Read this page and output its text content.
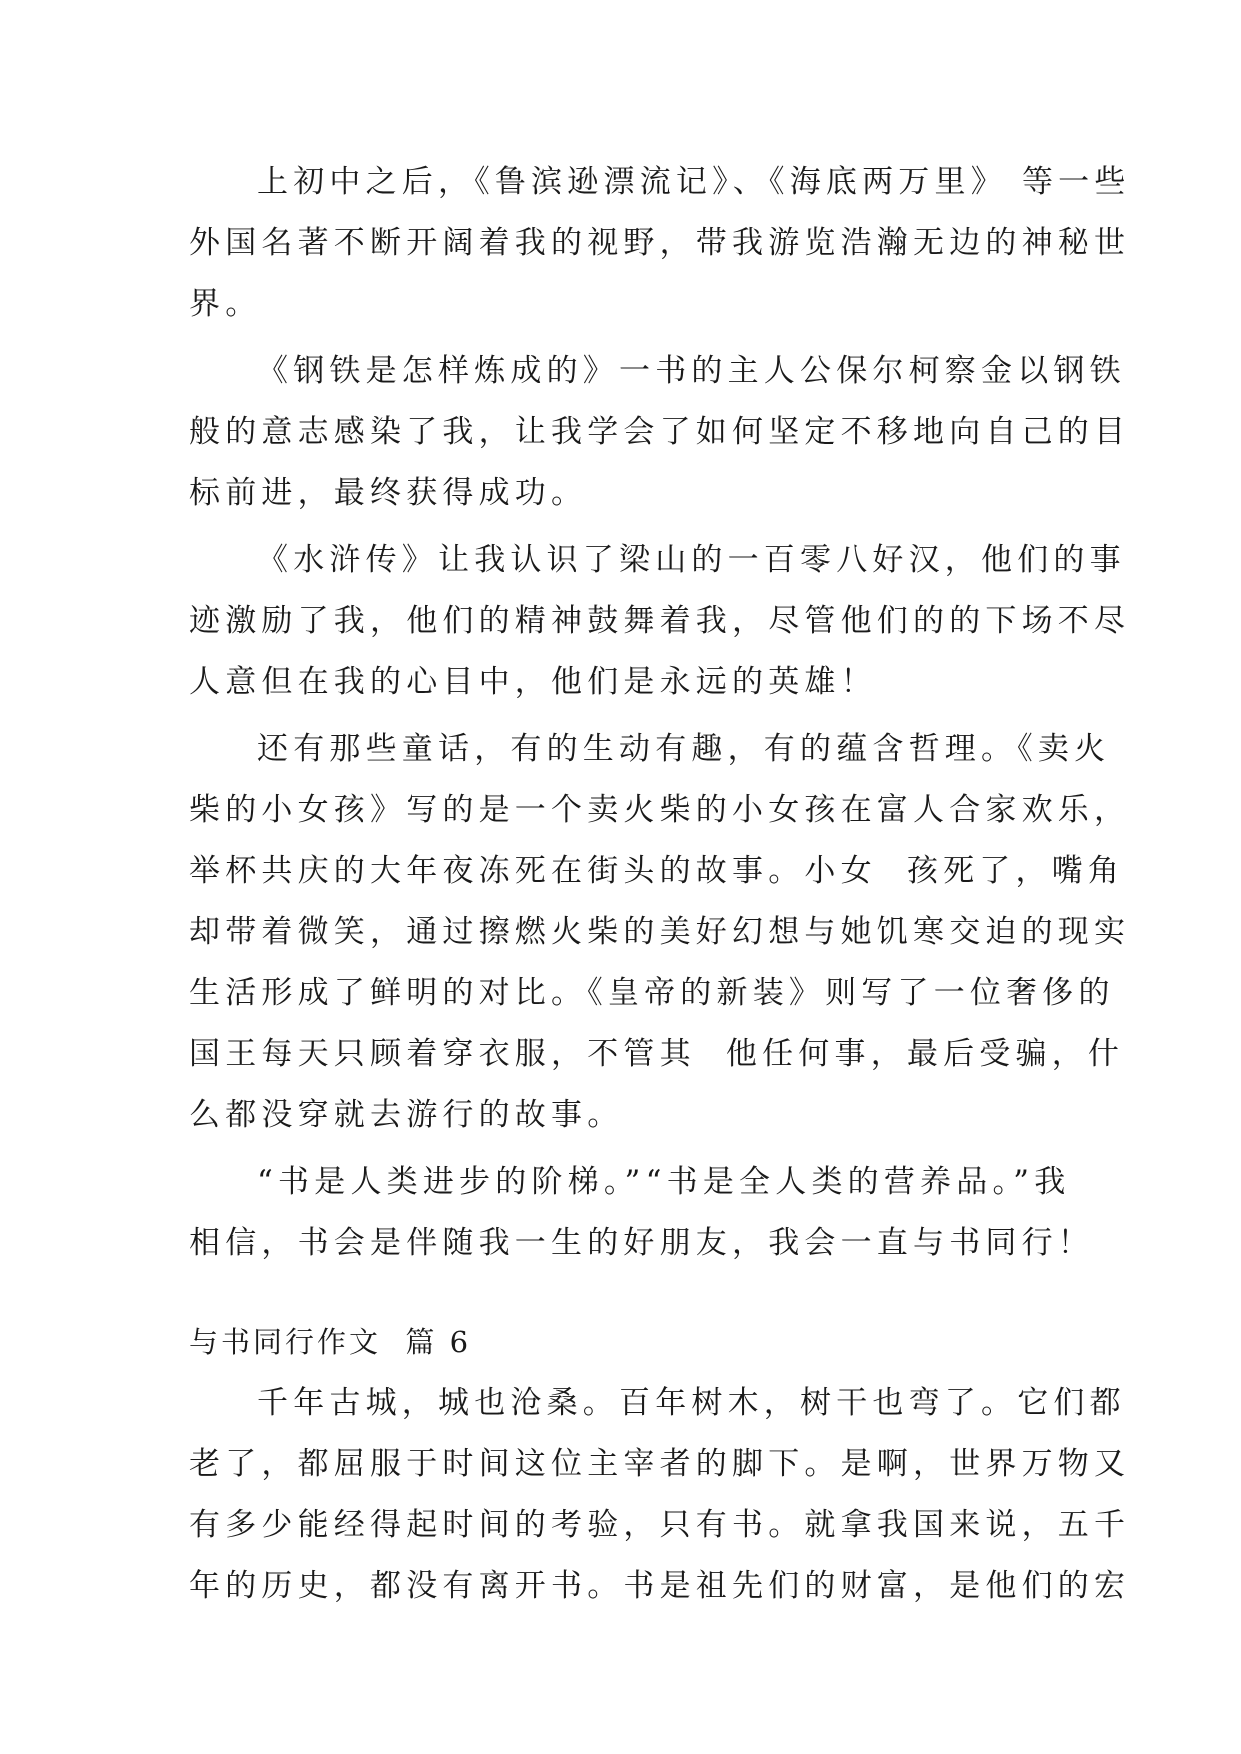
上初中之后，《鲁滨逊漂流记》、《海底两万里》 等一些
外国名著不断开阔着我的视野，带我游览浩瀚无边的神秘世
界。
《钢铁是怎样炼成的》一书的主人公保尔柯察金以钢铁
般的意志感染了我，让我学会了如何坚定不移地向自己的目
标前进，最终获得成功。
《水浒传》让我认识了梁山的一百零八好汉，他们的事
迹激励了我，他们的精神鼓舞着我，尽管他们的的下场不尽
人意但在我的心目中，他们是永远的英雄！
还有那些童话，有的生动有趣，有的蕴含哲理。《卖火
柴的小女孩》写的是一个卖火柴的小女孩在富人合家欢乐，
举杯共庆的大年夜冻死在街头的故事。小女  孩死了，嘴角
却带着微笑，通过擦燃火柴的美好幻想与她饥寒交迫的现实
生活形成了鲜明的对比。《皇帝的新装》则写了一位奢侈的
国王每天只顾着穿衣服，不管其  他任何事，最后受骗，什
么都没穿就去游行的故事。
“书是人类进步的阶梯。”“书是全人类的营养品。”我
相信，书会是伴随我一生的好朋友，我会一直与书同行！
与书同行作文  篇 6
千年古城，城也沧桑。百年树木，树干也弯了。它们都
老了，都屈服于时间这位主宰者的脚下。是啊，世界万物又
有多少能经得起时间的考验，只有书。就拿我国来说，五千
年的历史，都没有离开书。书是祖先们的财富，是他们的宏
